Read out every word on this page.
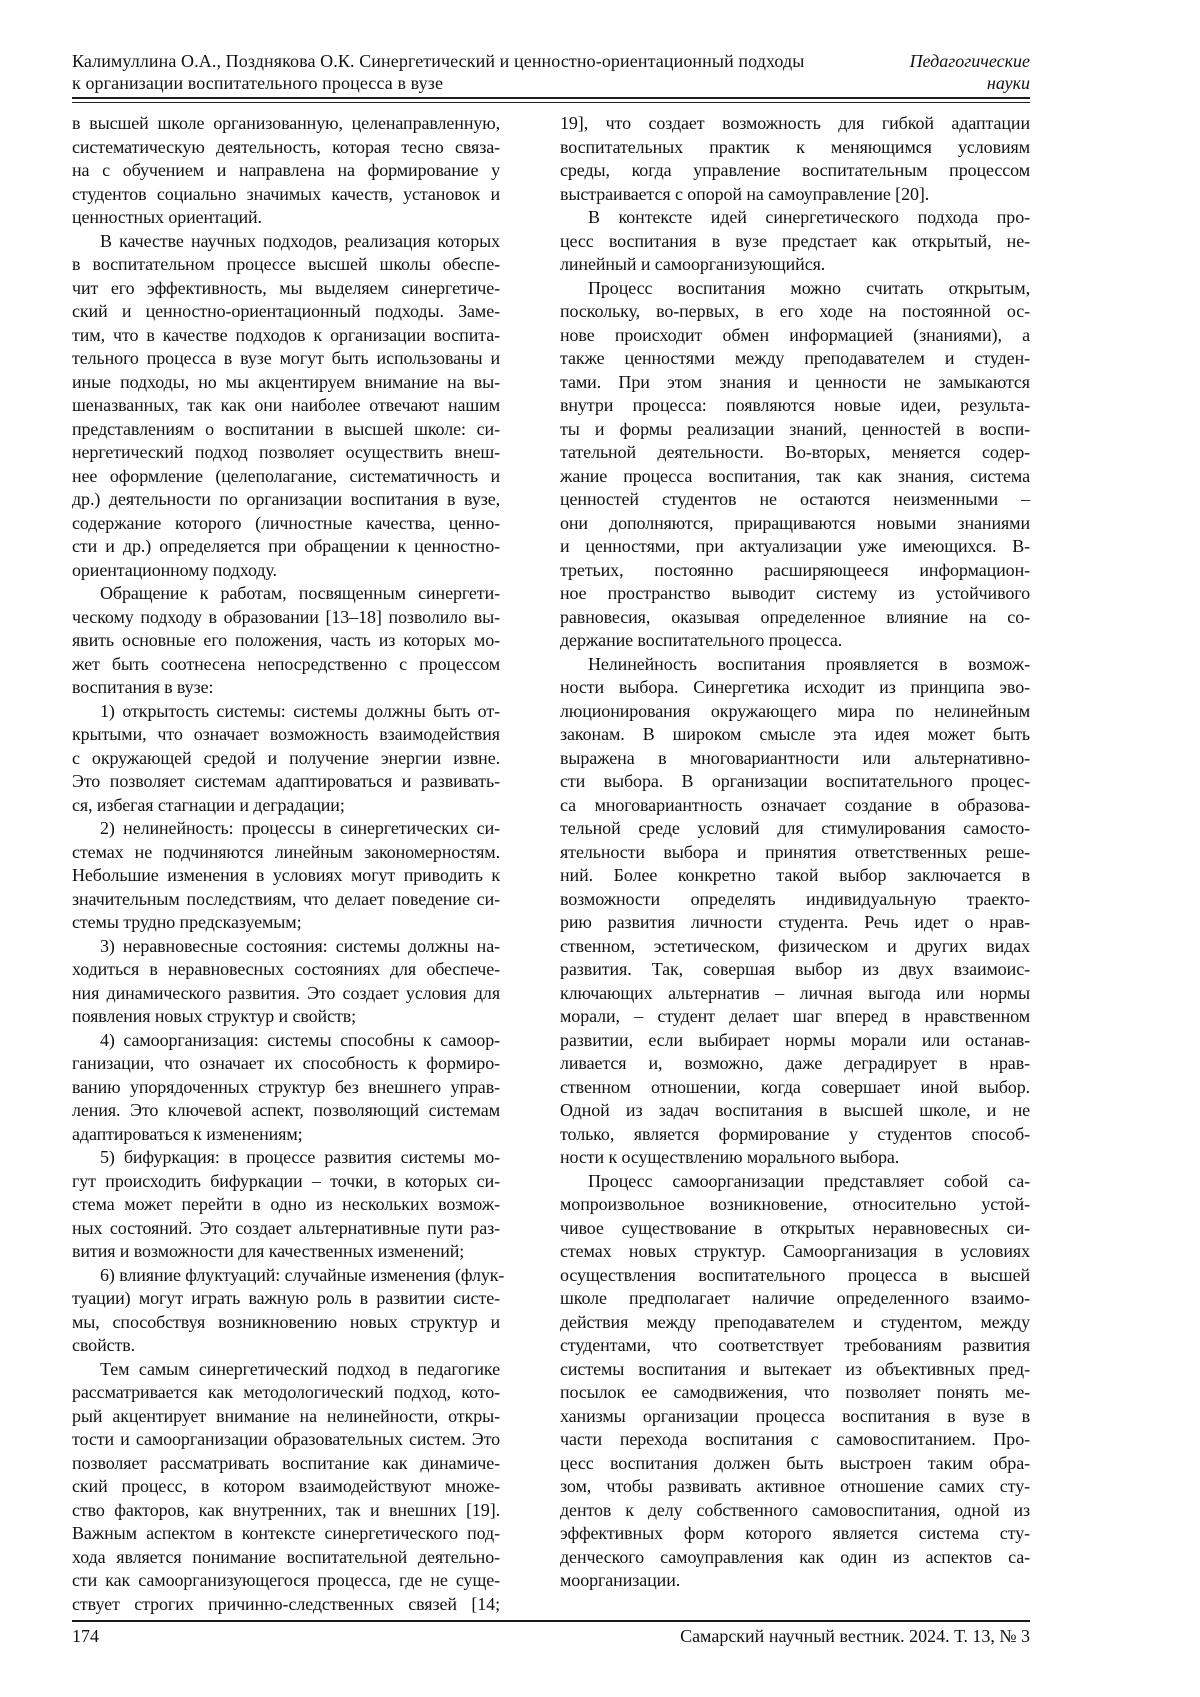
Калимуллина О.А., Позднякова О.К. Синергетический и ценностно-ориентационный подходы
к организации воспитательного процесса в вузе
Педагогические
науки
в высшей школе организованную, целенаправленную,
систематическую деятельность, которая тесно связа-
на с обучением и направлена на формирование у
студентов социально значимых качеств, установок и
ценностных ориентаций.
В качестве научных подходов, реализация которых
в воспитательном процессе высшей школы обеспе-
чит его эффективность, мы выделяем синергетиче-
ский и ценностно-ориентационный подходы. Заме-
тим, что в качестве подходов к организации воспита-
тельного процесса в вузе могут быть использованы и
иные подходы, но мы акцентируем внимание на вы-
шеназванных, так как они наиболее отвечают нашим
представлениям о воспитании в высшей школе: си-
нергетический подход позволяет осуществить внеш-
нее оформление (целеполагание, систематичность и
др.) деятельности по организации воспитания в вузе,
содержание которого (личностные качества, ценно-
сти и др.) определяется при обращении к ценностно-
ориентационному подходу.
Обращение к работам, посвященным синергети-
ческому подходу в образовании [13–18] позволило вы-
явить основные его положения, часть из которых мо-
жет быть соотнесена непосредственно с процессом
воспитания в вузе:
1) открытость системы: системы должны быть от-
крытыми, что означает возможность взаимодействия
с окружающей средой и получение энергии извне.
Это позволяет системам адаптироваться и развивать-
ся, избегая стагнации и деградации;
2) нелинейность: процессы в синергетических си-
стемах не подчиняются линейным закономерностям.
Небольшие изменения в условиях могут приводить к
значительным последствиям, что делает поведение си-
стемы трудно предсказуемым;
3) неравновесные состояния: системы должны на-
ходиться в неравновесных состояниях для обеспече-
ния динамического развития. Это создает условия для
появления новых структур и свойств;
4) самоорганизация: системы способны к самоор-
ганизации, что означает их способность к формиро-
ванию упорядоченных структур без внешнего управ-
ления. Это ключевой аспект, позволяющий системам
адаптироваться к изменениям;
5) бифуркация: в процессе развития системы мо-
гут происходить бифуркации – точки, в которых си-
стема может перейти в одно из нескольких возмож-
ных состояний. Это создает альтернативные пути раз-
вития и возможности для качественных изменений;
6) влияние флуктуаций: случайные изменения (флук-
туации) могут играть важную роль в развитии систе-
мы, способствуя возникновению новых структур и
свойств.
Тем самым синергетический подход в педагогике
рассматривается как методологический подход, кото-
рый акцентирует внимание на нелинейности, откры-
тости и самоорганизации образовательных систем. Это
позволяет рассматривать воспитание как динамиче-
ский процесс, в котором взаимодействуют множе-
ство факторов, как внутренних, так и внешних [19].
Важным аспектом в контексте синергетического под-
хода является понимание воспитательной деятельно-
сти как самоорганизующегося процесса, где не суще-
ствует строгих причинно-следственных связей [14;
19], что создает возможность для гибкой адаптации
воспитательных практик к меняющимся условиям
среды, когда управление воспитательным процессом
выстраивается с опорой на самоуправление [20].
В контексте идей синергетического подхода про-
цесс воспитания в вузе предстает как открытый, не-
линейный и самоорганизующийся.
Процесс воспитания можно считать открытым,
поскольку, во-первых, в его ходе на постоянной ос-
нове происходит обмен информацией (знаниями), а
также ценностями между преподавателем и студен-
тами. При этом знания и ценности не замыкаются
внутри процесса: появляются новые идеи, результа-
ты и формы реализации знаний, ценностей в воспи-
тательной деятельности. Во-вторых, меняется содер-
жание процесса воспитания, так как знания, система
ценностей студентов не остаются неизменными –
они дополняются, приращиваются новыми знаниями
и ценностями, при актуализации уже имеющихся. В-
третьих, постоянно расширяющееся информацион-
ное пространство выводит систему из устойчивого
равновесия, оказывая определенное влияние на со-
держание воспитательного процесса.
Нелинейность воспитания проявляется в возмож-
ности выбора. Синергетика исходит из принципа эво-
люционирования окружающего мира по нелинейным
законам. В широком смысле эта идея может быть
выражена в многовариантности или альтернативно-
сти выбора. В организации воспитательного процес-
са многовариантность означает создание в образова-
тельной среде условий для стимулирования самосто-
ятельности выбора и принятия ответственных реше-
ний. Более конкретно такой выбор заключается в
возможности определять индивидуальную траекто-
рию развития личности студента. Речь идет о нрав-
ственном, эстетическом, физическом и других видах
развития. Так, совершая выбор из двух взаимоис-
ключающих альтернатив – личная выгода или нормы
морали, – студент делает шаг вперед в нравственном
развитии, если выбирает нормы морали или останав-
ливается и, возможно, даже деградирует в нрав-
ственном отношении, когда совершает иной выбор.
Одной из задач воспитания в высшей школе, и не
только, является формирование у студентов способ-
ности к осуществлению морального выбора.
Процесс самоорганизации представляет собой са-
мопроизвольное возникновение, относительно устой-
чивое существование в открытых неравновесных си-
стемах новых структур. Самоорганизация в условиях
осуществления воспитательного процесса в высшей
школе предполагает наличие определенного взаимо-
действия между преподавателем и студентом, между
студентами, что соответствует требованиям развития
системы воспитания и вытекает из объективных пред-
посылок ее самодвижения, что позволяет понять ме-
ханизмы организации процесса воспитания в вузе в
части перехода воспитания с самовоспитанием. Про-
цесс воспитания должен быть выстроен таким обра-
зом, чтобы развивать активное отношение самих сту-
дентов к делу собственного самовоспитания, одной из
эффективных форм которого является система сту-
денческого самоуправления как один из аспектов са-
моорганизации.
174	Самарский научный вестник. 2024. Т. 13, № 3
